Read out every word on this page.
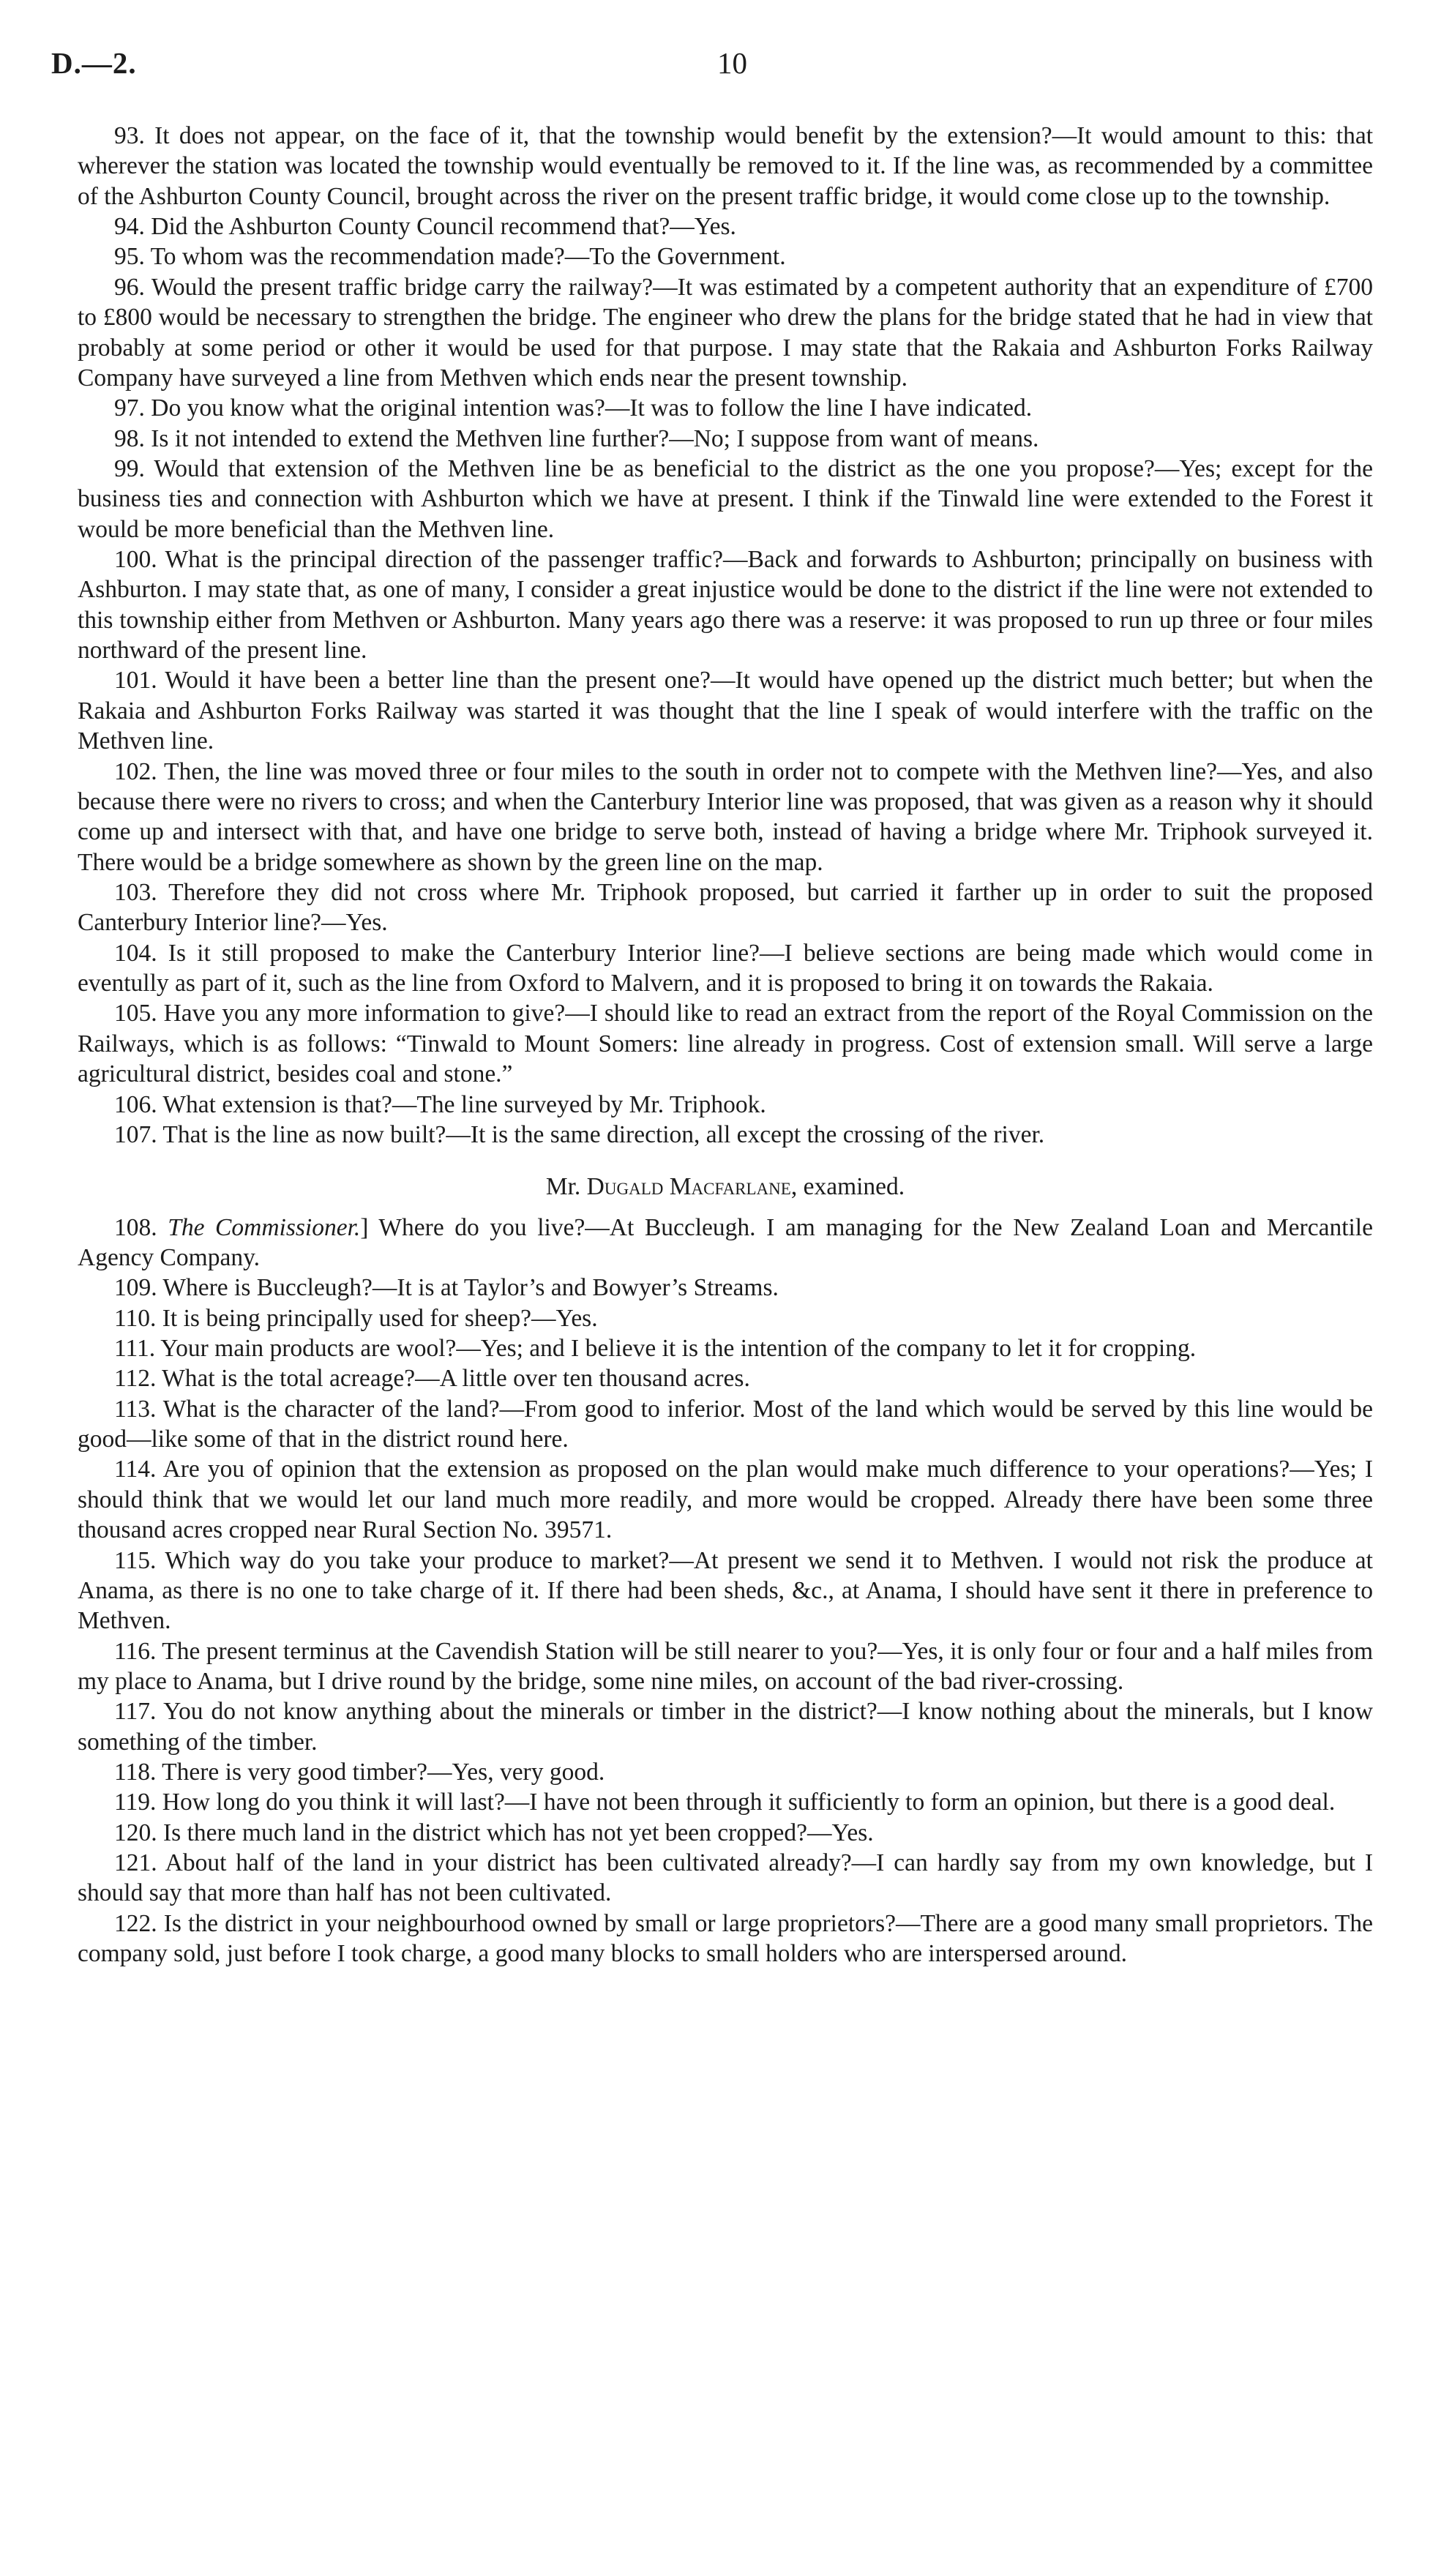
D.—2.	10

93. It does not appear, on the face of it, that the township would benefit by the extension?—It would amount to this: that wherever the station was located the township would eventually be removed to it. If the line was, as recommended by a committee of the Ashburton County Council, brought across the river on the present traffic bridge, it would come close up to the township.

94. Did the Ashburton County Council recommend that?—Yes.

95. To whom was the recommendation made?—To the Government.

96. Would the present traffic bridge carry the railway?—It was estimated by a competent authority that an expenditure of £700 to £800 would be necessary to strengthen the bridge. The engineer who drew the plans for the bridge stated that he had in view that probably at some period or other it would be used for that purpose. I may state that the Rakaia and Ashburton Forks Railway Company have surveyed a line from Methven which ends near the present township.

97. Do you know what the original intention was?—It was to follow the line I have indicated.

98. Is it not intended to extend the Methven line further?—No; I suppose from want of means.

99. Would that extension of the Methven line be as beneficial to the district as the one you propose?—Yes; except for the business ties and connection with Ashburton which we have at present. I think if the Tinwald line were extended to the Forest it would be more beneficial than the Methven line.

100. What is the principal direction of the passenger traffic?—Back and forwards to Ashburton; principally on business with Ashburton. I may state that, as one of many, I consider a great injustice would be done to the district if the line were not extended to this township either from Methven or Ashburton. Many years ago there was a reserve: it was proposed to run up three or four miles northward of the present line.

101. Would it have been a better line than the present one?—It would have opened up the district much better; but when the Rakaia and Ashburton Forks Railway was started it was thought that the line I speak of would interfere with the traffic on the Methven line.

102. Then, the line was moved three or four miles to the south in order not to compete with the Methven line?—Yes, and also because there were no rivers to cross; and when the Canterbury Interior line was proposed, that was given as a reason why it should come up and intersect with that, and have one bridge to serve both, instead of having a bridge where Mr. Triphook surveyed it. There would be a bridge somewhere as shown by the green line on the map.

103. Therefore they did not cross where Mr. Triphook proposed, but carried it farther up in order to suit the proposed Canterbury Interior line?—Yes.

104. Is it still proposed to make the Canterbury Interior line?—I believe sections are being made which would come in eventully as part of it, such as the line from Oxford to Malvern, and it is proposed to bring it on towards the Rakaia.

105. Have you any more information to give?—I should like to read an extract from the report of the Royal Commission on the Railways, which is as follows: “Tinwald to Mount Somers: line already in progress. Cost of extension small. Will serve a large agricultural district, besides coal and stone.”

106. What extension is that?—The line surveyed by Mr. Triphook.

107. That is the line as now built?—It is the same direction, all except the crossing of the river.

Mr. Dugald Macfarlane, examined.

108. The Commissioner.] Where do you live?—At Buccleugh. I am managing for the New Zealand Loan and Mercantile Agency Company.

109. Where is Buccleugh?—It is at Taylor’s and Bowyer’s Streams.

110. It is being principally used for sheep?—Yes.

111. Your main products are wool?—Yes; and I believe it is the intention of the company to let it for cropping.

112. What is the total acreage?—A little over ten thousand acres.

113. What is the character of the land?—From good to inferior. Most of the land which would be served by this line would be good—like some of that in the district round here.

114. Are you of opinion that the extension as proposed on the plan would make much difference to your operations?—Yes; I should think that we would let our land much more readily, and more would be cropped. Already there have been some three thousand acres cropped near Rural Section No. 39571.

115. Which way do you take your produce to market?—At present we send it to Methven. I would not risk the produce at Anama, as there is no one to take charge of it. If there had been sheds, &c., at Anama, I should have sent it there in preference to Methven.

116. The present terminus at the Cavendish Station will be still nearer to you?—Yes, it is only four or four and a half miles from my place to Anama, but I drive round by the bridge, some nine miles, on account of the bad river-crossing.

117. You do not know anything about the minerals or timber in the district?—I know nothing about the minerals, but I know something of the timber.

118. There is very good timber?—Yes, very good.

119. How long do you think it will last?—I have not been through it sufficiently to form an opinion, but there is a good deal.

120. Is there much land in the district which has not yet been cropped?—Yes.

121. About half of the land in your district has been cultivated already?—I can hardly say from my own knowledge, but I should say that more than half has not been cultivated.

122. Is the district in your neighbourhood owned by small or large proprietors?—There are a good many small proprietors. The company sold, just before I took charge, a good many blocks to small holders who are interspersed around.
